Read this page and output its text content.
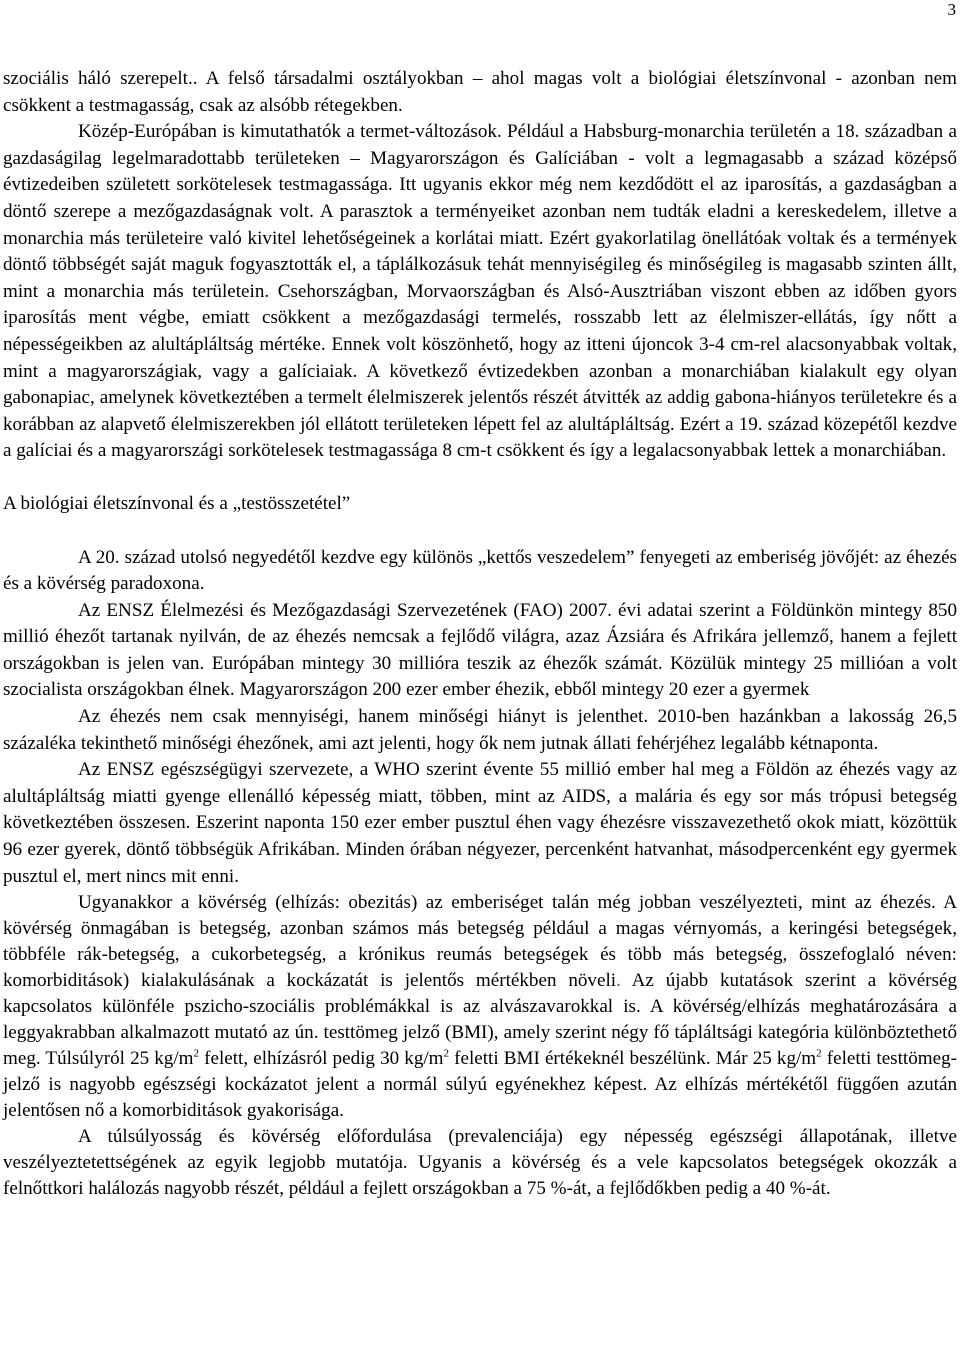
3

szociális háló szerepelt.. A felső társadalmi osztályokban – ahol magas volt a biológiai életszínvonal - azonban nem csökkent a testmagasság, csak az alsóbb rétegekben.

Közép-Európában is kimutathatók a termet-változások. Például a Habsburg-monarchia területén a 18. században a gazdaságilag legelmaradottabb területeken – Magyarországon és Galíciában - volt a legmagasabb a század középső évtizedeiben született sorkötelesek testmagassága. Itt ugyanis ekkor még nem kezdődött el az iparosítás, a gazdaságban a döntő szerepe a mezőgazdaságnak volt. A parasztok a terményeiket azonban nem tudták eladni a kereskedelem, illetve a monarchia más területeire való kivitel lehetőségeinek a korlátai miatt. Ezért gyakorlatilag önellátóak voltak és a termények döntő többségét saját maguk fogyasztották el, a táplálkozásuk tehát mennyiségileg és minőségileg is magasabb szinten állt, mint a monarchia más területein. Csehországban, Morvaországban és Alsó-Ausztriában viszont ebben az időben gyors iparosítás ment végbe, emiatt csökkent a mezőgazdasági termelés, rosszabb lett az élelmiszer-ellátás, így nőtt a népességeikben az alultápláltság mértéke. Ennek volt köszönhető, hogy az itteni újoncok 3-4 cm-rel alacsonyabbak voltak, mint a magyarországiak, vagy a galíciaiak. A következő évtizedekben azonban a monarchiában kialakult egy olyan gabonapiac, amelynek következtében a termelt élelmiszerek jelentős részét átvitték az addig gabona-hiányos területekre és a korábban az alapvető élelmiszerekben jól ellátott területeken lépett fel az alultápláltság. Ezért a 19. század közepétől kezdve a galíciai és a magyarországi sorkötelesek testmagassága 8 cm-t csökkent és így a legalacsonyabbak lettek a monarchiában.

A biológiai életszínvonal és a „testösszetétel”

A 20. század utolsó negyedétől kezdve egy különös „kettős veszedelem” fenyegeti az emberiség jövőjét: az éhezés és a kövérség paradoxona.

Az ENSZ Élelmezési és Mezőgazdasági Szervezetének (FAO) 2007. évi adatai szerint a Földünkön mintegy 850 millió éhezőt tartanak nyilván, de az éhezés nemcsak a fejlődő világra, azaz Ázsiára és Afrikára jellemző, hanem a fejlett országokban is jelen van. Európában mintegy 30 millióra teszik az éhezők számát. Közülük mintegy 25 millióan a volt szocialista országokban élnek. Magyarországon 200 ezer ember éhezik, ebből mintegy 20 ezer a gyermek

Az éhezés nem csak mennyiségi, hanem minőségi hiányt is jelenthet. 2010-ben hazánkban a lakosság 26,5 százaléka tekinthető minőségi éhezőnek, ami azt jelenti, hogy ők nem jutnak állati fehérjéhez legalább kétnaponta.

Az ENSZ egészségügyi szervezete, a WHO szerint évente 55 millió ember hal meg a Földön az éhezés vagy az alultápláltság miatti gyenge ellenálló képesség miatt, többen, mint az AIDS, a malária és egy sor más trópusi betegség következtében összesen. Eszerint naponta 150 ezer ember pusztul éhen vagy éhezésre visszavezethető okok miatt, közöttük 96 ezer gyerek, döntő többségük Afrikában. Minden órában négyezer, percenként hatvanhat, másodpercenként egy gyermek pusztul el, mert nincs mit enni.

Ugyanakkor a kövérség (elhízás: obezitás) az emberiséget talán még jobban veszélyezteti, mint az éhezés. A kövérség önmagában is betegség, azonban számos más betegség például a magas vérnyomás, a keringési betegségek, többféle rák-betegség, a cukorbetegség, a krónikus reumás betegségek és több más betegség, összefoglaló néven: komorbiditások) kialakulásának a kockázatát is jelentős mértékben növeli. Az újabb kutatások szerint a kövérség kapcsolatos különféle pszicho-szociális problémákkal is az alvászavarokkal is. A kövérség/elhízás meghatározására a leggyakrabban alkalmazott mutató az ún. testtömeg jelző (BMI), amely szerint négy fő tápláltsági kategória különböztethető meg. Túlsúlyról 25 $kg/m^2$ felett, elhízásról pedig 30 $kg/m^2$ feletti BMI értékeknél beszélünk. Már 25 $kg/m^2$ feletti testtömeg-jelző is nagyobb egészségi kockázatot jelent a normál súlyú egyénekhez képest. Az elhízás mértékétől függően azután jelentősen nő a komorbiditások gyakorisága.

A túlsúlyosság és kövérség előfordulása (prevalenciája) egy népesség egészségi állapotának, illetve veszélyeztetettségének az egyik legjobb mutatója. Ugyanis a kövérség és a vele kapcsolatos betegségek okozzák a felnőttkori halálozás nagyobb részét, például a fejlett országokban a 75 %-át, a fejlődőkben pedig a 40 %-át.
